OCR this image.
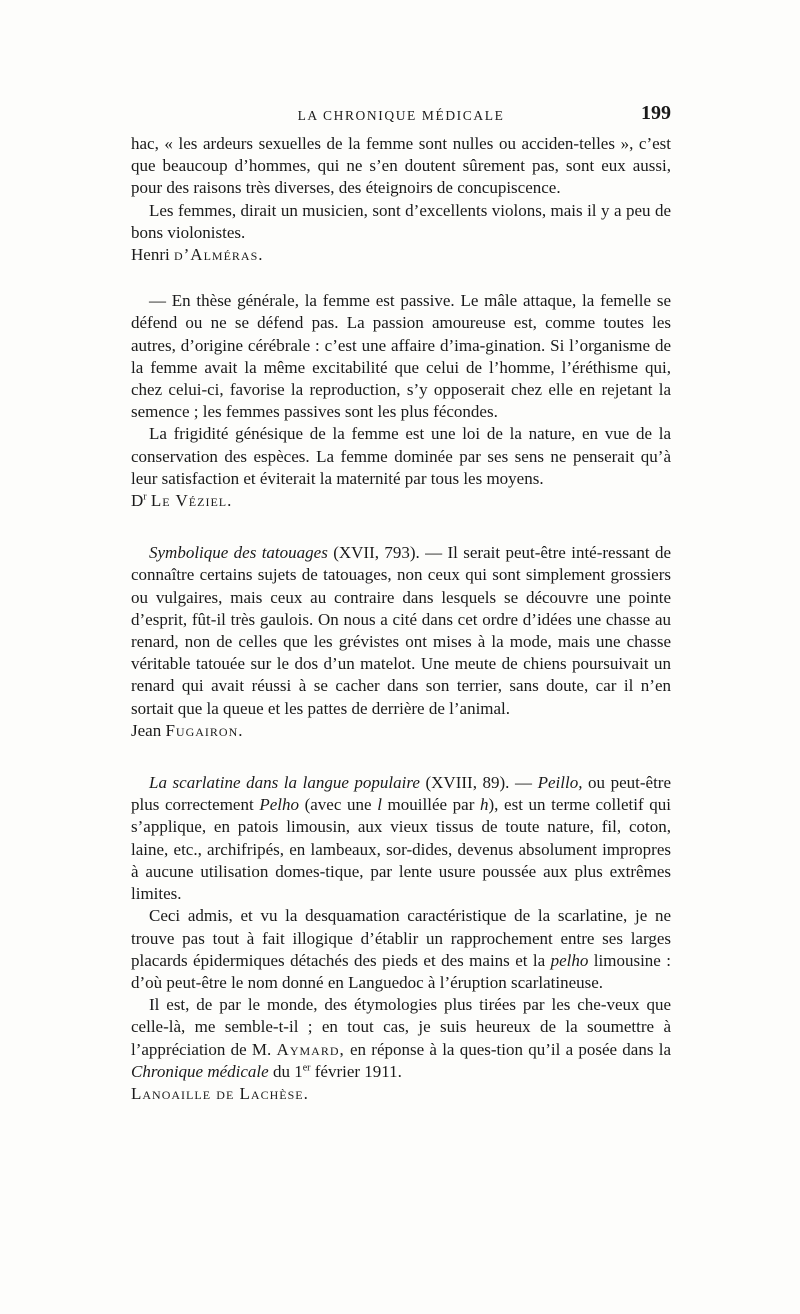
LA CHRONIQUE MÉDICALE	199

hac, « les ardeurs sexuelles de la femme sont nulles ou acciden-telles », c’est que beaucoup d’hommes, qui ne s’en doutent sûrement pas, sont eux aussi, pour des raisons très diverses, des éteignoirs de concupiscence.

Les femmes, dirait un musicien, sont d’excellents violons, mais il y a peu de bons violonistes.

Henri d’Alméras.

— En thèse générale, la femme est passive. Le mâle attaque, la femelle se défend ou ne se défend pas. La passion amoureuse est, comme toutes les autres, d’origine cérébrale : c’est une affaire d’ima-gination. Si l’organisme de la femme avait la même excitabilité que celui de l’homme, l’éréthisme qui, chez celui-ci, favorise la reproduction, s’y opposerait chez elle en rejetant la semence ; les femmes passives sont les plus fécondes.

La frigidité génésique de la femme est une loi de la nature, en vue de la conservation des espèces. La femme dominée par ses sens ne penserait qu’à leur satisfaction et éviterait la maternité par tous les moyens.

$D^r$ Le Véziel.

Symbolique des tatouages (XVII, 793). — Il serait peut-être inté-ressant de connaître certains sujets de tatouages, non ceux qui sont simplement grossiers ou vulgaires, mais ceux au contraire dans lesquels se découvre une pointe d’esprit, fût-il très gaulois. On nous a cité dans cet ordre d’idées une chasse au renard, non de celles que les grévistes ont mises à la mode, mais une chasse véritable tatouée sur le dos d’un matelot. Une meute de chiens poursuivait un renard qui avait réussi à se cacher dans son terrier, sans doute, car il n’en sortait que la queue et les pattes de derrière de l’animal.

Jean Fugairon.

La scarlatine dans la langue populaire (XVIII, 89). — Peillo, ou peut-être plus correctement Pelho (avec une l mouillée par h), est un terme colletif qui s’applique, en patois limousin, aux vieux tissus de toute nature, fil, coton, laine, etc., archifripés, en lambeaux, sor-dides, devenus absolument impropres à aucune utilisation domes-tique, par lente usure poussée aux plus extrêmes limites.

Ceci admis, et vu la desquamation caractéristique de la scarlatine, je ne trouve pas tout à fait illogique d’établir un rapprochement entre ses larges placards épidermiques détachés des pieds et des mains et la pelho limousine : d’où peut-être le nom donné en Languedoc à l’éruption scarlatineuse.

Il est, de par le monde, des étymologies plus tirées par les che-veux que celle-là, me semble-t-il ; en tout cas, je suis heureux de la soumettre à l’appréciation de M. Aymard, en réponse à la ques-tion qu’il a posée dans la Chronique médicale du 1er février 1911.

Lanoaille de Lachèse.
